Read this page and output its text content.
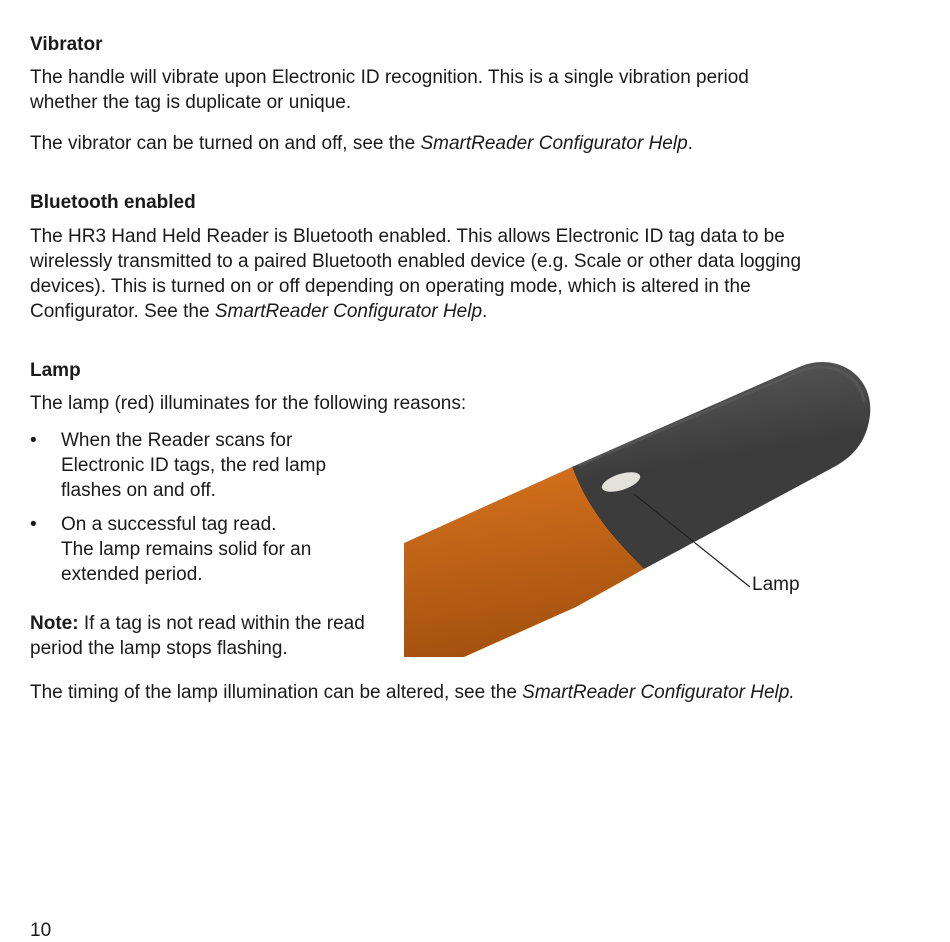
Vibrator

The handle will vibrate upon Electronic ID recognition. This is a single vibration period
whether the tag is duplicate or unique.

The vibrator can be turned on and off, see the SmartReader Configurator Help.

Bluetooth enabled

The HR3 Hand Held Reader is Bluetooth enabled. This allows Electronic ID tag data to be
wirelessly transmitted to a paired Bluetooth enabled device (e.g. Scale or other data logging
devices). This is turned on or off depending on operating mode, which is altered in the
Configurator. See the SmartReader Configurator Help.

Lamp

The lamp (red) illuminates for the following reasons:

• When the Reader scans for
Electronic ID tags, the red lamp
flashes on and off.
• On a successful tag read.
The lamp remains solid for an
extended period.

Note: If a tag is not read within the read
period the lamp stops flashing.

The timing of the lamp illumination can be altered, see the SmartReader Configurator Help.

Lamp
10
